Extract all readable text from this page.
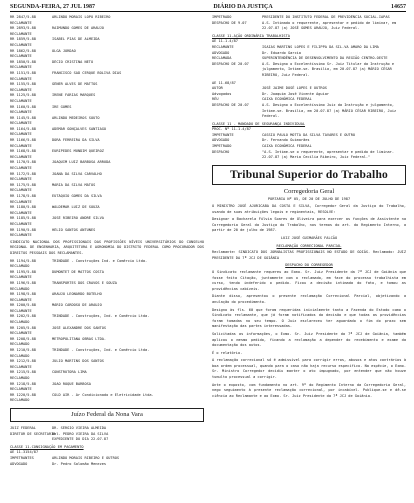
SEGUNDA-FEIRA, 27 JUL 1987	DIÁRIO DA JUSTIÇA	14657
RR 2847/5-88	ARLINDO MORAIS LOPO RIBEIRO
RECLAMANTE
RR 2893/5-88	RAIMUNDO GOMES DE ARAÚJO
RECLAMANTE
RR 1859/5-88	ISABEL PIAS DE ALMEIDA
RECLAMANTE
RR 1862/5-88	OLGA JORDÃO
RECLAMANTE
RR 1850/5-88	DÉCIO CRISTINA NETO
RECLAMANTE
RR 1151/5-88	FRANCISCO SAD CERQUE BOLIVA DIAS
RECLAMANTE
RR 1155/5-88	GÉNER ALVES DE MATTOS
RECLAMANTE
RR 1125/5-88	IRENE FARIAS MARQUES
RECLAMANTE
RR 1160/5-88	IRE GOMES
RECLAMANTE
RR 1145/5-88	ARLINDO MEDEIROS SOUTO
RECLAMANTE
RR 1164/5-88	ADEMAR GONÇALVES SANTIAGO
RECLAMANTE
RR 1166/5-88	DORA FERREIRA DA SILVA
RECLAMANTE
RR 1168/5-88	EURIPEDES MUNDIM QUEIROZ
RECLAMANTE
RR 1170/5-88	JOAQUIM LUIZ BARBOSA ARRUDA
RECLAMANTE
RR 1172/5-88	JOANA DA SILVA CARVALHO
RECLAMANTE
RR 1175/5-88	MARIA DA SILVA MATOS
RECLAMANTE
RR 1178/5-88	EUTÁQUIO GOMES DA SILVA
RECLAMANTE
RR 1180/5-88	WALDEMAR LUIZ DE SOUZA
RECLAMANTE
RR 1185/5-88	JOSÉ RIBEIRO ANDRÉ SILVA
RECLAMANTE
RR 1190/5-88	HÉLIO SANTOS ANTUNES
RECLAMANTE
SINDICATO NACIONAL DOS PROFISSIONAIS DAS PROFISSÕES NÍVEIS UNIVERSITÁRIOS DO CONSELHO REGIONAL DE ENGENHARIA, ARQUITETURA E AGRONOMIA DO DISTRITO FEDERAL COMO PROCURADOR DOS DIREITOS PESSOAIS DOS RECLAMANTES.
RR 1194/5-88	TRINDADE - Construções Ind. e Comércio Ltda.
RECLAMADO
RR 1195/5-88	DUMONTET DE MATTOS COSTA
RECLAMANTE
RR 1196/5-88	TRANSPORTES DOS CRAVOS E SOUZA
RECLAMADO
RR 1198/5-88	ARAÚJO LEONARDO BOTELHO
RECLAMANTE
RR 1200/5-88	MÁRIO CARDOSO DE ARAÚJO
RECLAMANTE
RR 1202/5-88	TRINDADE - Construções, Ind. e Comércio Ltda.
RECLAMADO
RR 1205/5-88	JOSÉ ALEXANDRE DOS SANTOS
RECLAMANTE
RR 1208/5-88	METROPOLITANA OBRAS LTDA.
RECLAMADO
RR 1210/5-88	TRINDADE - Construções, Ind. e Comércio Ltda.
RECLAMADO
RR 1212/5-88	JULIO MARTINS DOS SANTOS
RECLAMANTE
RR 1215/5-88	CONSTRUTORA LIMA
RECLAMADO
RR 1218/5-88	JOÃO ROQUE BARBOSA
RECLAMANTE
RR 1220/5-88	COLD AIR - Ar Condicionado e Eletricidade Ltda.
RECLAMADO
Juízo Federal da Nona Vara
JUIZ FEDERAL	DR. SÉRGIO VIEIRA ALMEIDA
DIRETOR DE SECRETARIA
Bel. PEDRO VIEIRA DA SILVA
EXPEDIENTE DO DIA 22.07.87
CLASSE 11-CONSIGNAÇÃO EM PAGAMENTO
AE 11-3154/87
IMPETRANTES	ARLINDO MORAIS RIBEIRO E OUTROS
ADVOGADO	Dr. Pedro Salomão Menezes
IMPETRADO	PRESIDENTE DO INSTITUTO FEDERAL DE PREVIDÊNCIA SOCIAL-IAPAS
DESPACHO DE 9.07	A.S. Intimado o requerente, apresentar e pedido de liminar, em 22.07.87 (a) JOSÉ GOMES ARAÚJO, Juiz Federal.
CLASSE 11-AÇÃO ORDINÁRIA TRABALHISTA
AE 11-1.4/87
RECLAMANTE	ISAIAS MARTINS LOPES E FILIPPA DA SIL-VA AMARO DA LIMA
ADVOGADO	Dr. Eduardo Garcia
RECLAMADA	SUPERINTENDÊNCIA DE DESENVOLVIMENTO DA REGIÃO CENTRO-OESTE
DESPACHO DE 20.07	A.S. Designo o Excelentíssimo Sr. Juiz Titular da Instrução e julgamento, Intime-se. Brasília, em 20.07.87 (a) MÁRIO CÉSAR RIBEIRO, Juiz Federal.
AE 11-68/87
AUTOR	JOSÉ JAIME DOSÉ LOPES E OUTROS
Advogados	Dr. Joaquim José Vicente Aguiar
RÉU	CAIXA ECONÔMICA FEDERAL
DESPACHO DE 20.07	A.S. Designo o Excelentíssimo Juiz da Instrução e julgamento, Intime-se. Brasília, em 20.07.87 (a) MÁRIO CÉSAR RIBEIRO, Juiz Federal.
CLASSE 11 - MANDADO DE SEGURANÇA INDIVIDUAL
PROC. Nº 11-1.4/87
IMPETRANTE	CASSIO PAULO MOTTA DA SILVA TAVARES E OUTRO
ADVOGADO	Dr. Fernando Guimarães
IMPETRADO	CAIXA ECONÔMICA FEDERAL
DESPACHO	"A.S. Intime-se o requerente, apresentar e pedido de liminar. 22.07.87 (a) Maria Cecília Ribeiro, Juiz Federal."
Tribunal Superior do Trabalho
Corregedoria Geral
PORTARIA Nº 05, DE 20 DE JULHO DE 1987
O MINISTRO JOSÉ AJURICABA DA COSTA E SILVA, Corregedor Geral da Justiça do Trabalho, usando de suas atribuições legais e regimentais, RESOLVE:
Designar a Bacharela Fúlvia Soares de Oliveira para exercer as funções de Assistente na Corregedoria Geral da Justiça do Trabalho, nos termos do art. do Regimento Interno, a partir de 20 de julho de 1987.
LUIZ JOSÉ GUIMARÃES FALCÃO
RECLAMAÇÃO CORRECIONAL PARCIAL
Reclamante: SINDICATO DOS JORNALISTAS PROFISSIONAIS NO ESTADO DE GOIÁS. Reclamado: JUIZ PRESIDENTE DA 7ª JCJ DE GOIÂNIA
DESPACHO DO CORREGEDOR
O Sindicato reclamante requereu ao Exmo. Sr. Juiz Presidente da 7ª JCJ de Goiânia que fosse feita Citação, juntamente com o reclamado, em face do processo trabalhista em curso, tendo indeferido o pedido. Ficou a decisão intimada do fato, e tomou as providências cabíveis.
Diante disso, apresentou o presente reclamação Correcional Parcial, objetivando a anulação do procedimento.
Designo às fls. 60 que foram requeridas inicialmente tanto a Fazenda do Estado como o Sindicato reclamante, que já foram notificados da decisão e que todas as providências foram tomadas no seu tempo. O Juiz esclareceu ter aguardado o fim do prazo sem manifestação das partes interessadas.
Solicitadas as informações, o Exmo. Sr. Juiz Presidente da 7ª JCJ de Goiânia, também aplicou o mesmo pedido, ficando a reclamação a depender do recebimento e exame da documentação dos autos.
É o relatório.
A reclamação correcional só é admissível para corrigir erros, abusos e atos contrários à boa ordem processual, quando para o caso não haja recurso específico. Na espécie, o Exmo. Sr. Ministro Corregedor decidiu manter o ato impugnado, por entender que não houve tumulto processual a corrigir.
Ante o exposto, com fundamento no art. 9º do Regimento Interno da Corregedoria Geral, nego seguimento à presente reclamação correcional, por incabível. Publique-se e dê-se ciência ao Reclamante e ao Exmo. Sr. Juiz Presidente da 7ª JCJ de Goiânia.
